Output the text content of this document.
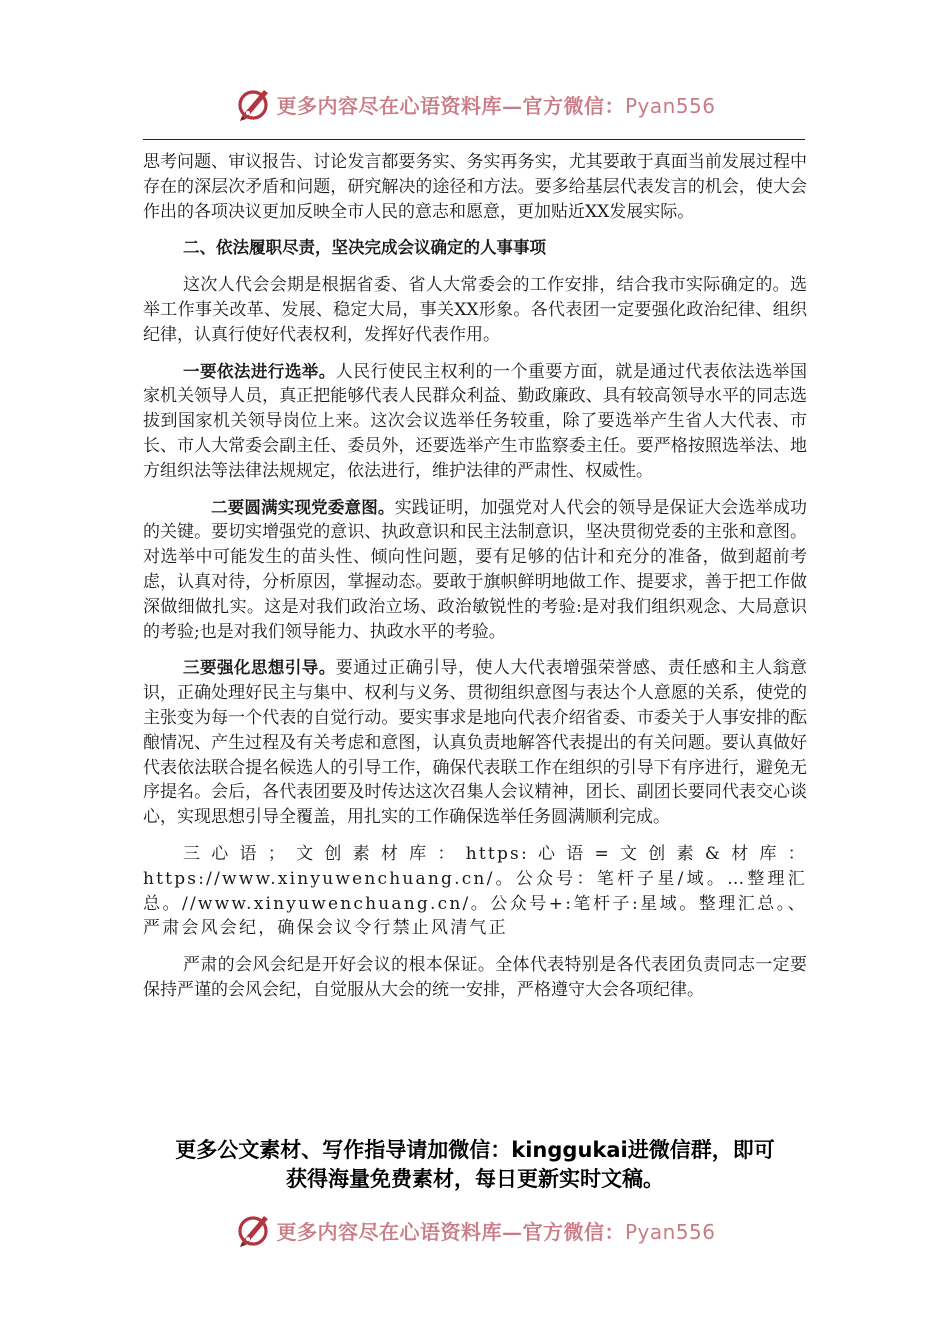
更多内容尽在心语资料库—官方微信：Pyan556

思考问题、审议报告、讨论发言都要务实、务实再务实，尤其要敢于真面当前发展过程中存在的深层次矛盾和问题，研究解决的途径和方法。要多给基层代表发言的机会，使大会作出的各项决议更加反映全市人民的意志和愿意，更加贴近XX发展实际。

二、依法履职尽责，坚决完成会议确定的人事事项

这次人代会会期是根据省委、省人大常委会的工作安排，结合我市实际确定的。选举工作事关改革、发展、稳定大局，事关XX形象。各代表团一定要强化政治纪律、组织纪律，认真行使好代表权利，发挥好代表作用。

一要依法进行选举。人民行使民主权利的一个重要方面，就是通过代表依法选举国家机关领导人员，真正把能够代表人民群众利益、勤政廉政、具有较高领导水平的同志选拔到国家机关领导岗位上来。这次会议选举任务较重，除了要选举产生省人大代表、市长、市人大常委会副主任、委员外，还要选举产生市监察委主任。要严格按照选举法、地方组织法等法律法规规定，依法进行，维护法律的严肃性、权威性。

二要圆满实现党委意图。实践证明，加强党对人代会的领导是保证大会选举成功的关键。要切实增强党的意识、执政意识和民主法制意识，坚决贯彻党委的主张和意图。对选举中可能发生的苗头性、倾向性问题，要有足够的估计和充分的准备，做到超前考虑，认真对待，分析原因，掌握动态。要敢于旗帜鲜明地做工作、提要求，善于把工作做深做细做扎实。这是对我们政治立场、政治敏锐性的考验:是对我们组织观念、大局意识的考验;也是对我们领导能力、执政水平的考验。

三要强化思想引导。要通过正确引导，使人大代表增强荣誉感、责任感和主人翁意识，正确处理好民主与集中、权利与义务、贯彻组织意图与表达个人意愿的关系，使党的主张变为每一个代表的自觉行动。要实事求是地向代表介绍省委、市委关于人事安排的酝酿情况、产生过程及有关考虑和意图，认真负责地解答代表提出的有关问题。要认真做好代表依法联合提名候选人的引导工作，确保代表联工作在组织的引导下有序进行，避免无序提名。会后，各代表团要及时传达这次召集人会议精神，团长、副团长要同代表交心谈心，实现思想引导全覆盖，用扎实的工作确保选举任务圆满顺利完成。

三心语；文创素材库：https:心语=文创素&材库：https://www.xinyuwenchuang.cn/。公众号：笔杆子星/域。…整理汇总。//www.xinyuwenchuang.cn/。公众号+:笔杆子:星域。整理汇总。、严肃会风会纪，确保会议令行禁止风清气正

严肃的会风会纪是开好会议的根本保证。全体代表特别是各代表团负责同志一定要保持严谨的会风会纪，自觉服从大会的统一安排，严格遵守大会各项纪律。

更多公文素材、写作指导请加微信：kinggukai进微信群，即可
获得海量免费素材，每日更新实时文稿。
更多内容尽在心语资料库—官方微信：Pyan556
